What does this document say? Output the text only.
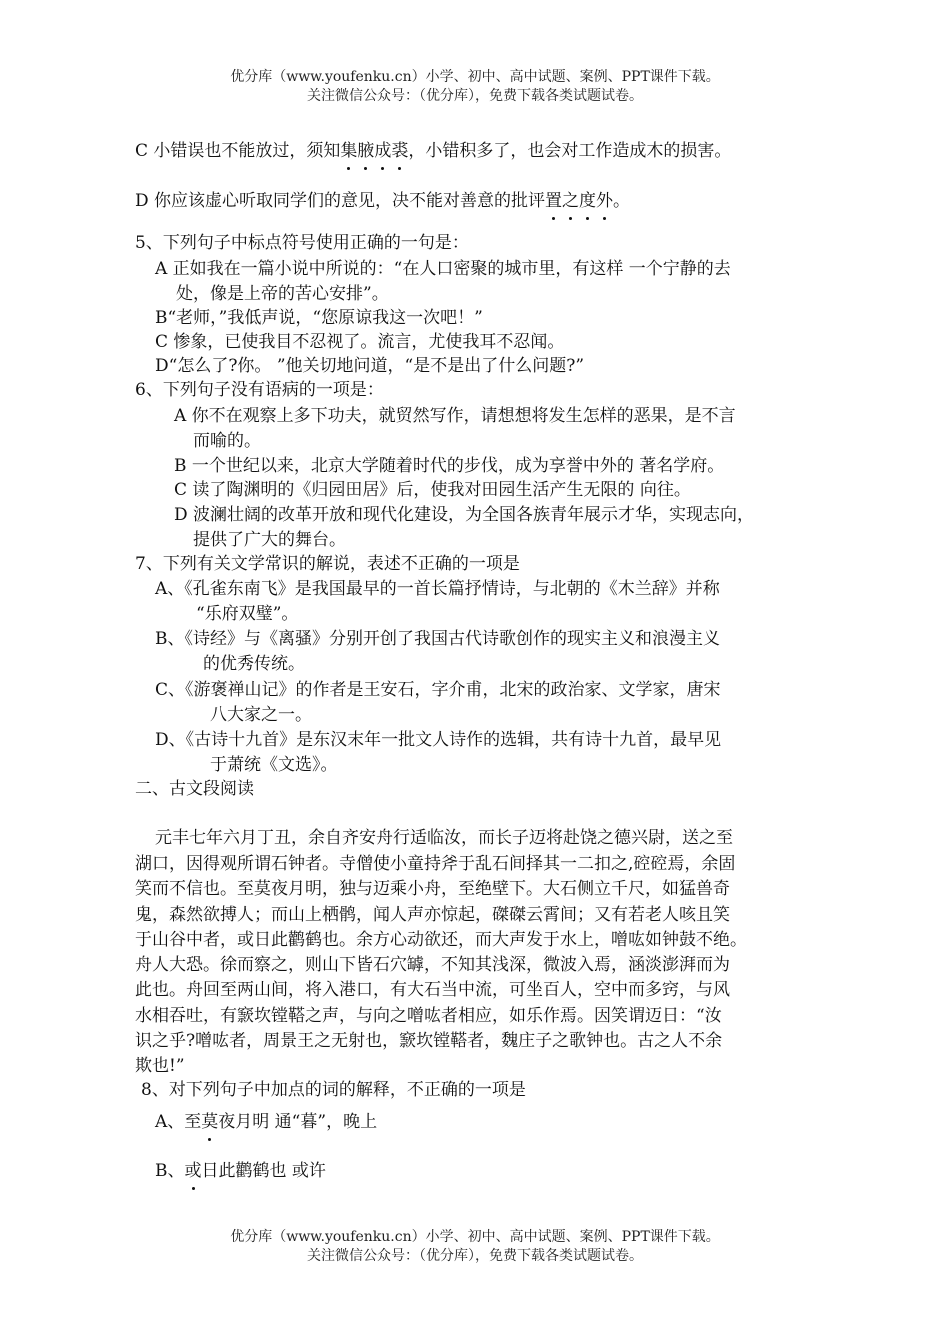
优分库（www.youfenku.cn）小学、初中、高中试题、案例、PPT课件下载。
关注微信公众号：（优分库），免费下载各类试题试卷。
C 小错误也不能放过，须知集腋成裘，小错积多了，也会对工作造成木的损害。
D 你应该虚心听取同学们的意见，决不能对善意的批评置之度外。
5、下列句子中标点符号使用正确的一句是：
A 正如我在一篇小说中所说的：“在人口密聚的城市里，有这样 一个宁静的去
处，像是上帝的苦心安排”。
B“老师，”我低声说，“您原谅我这一次吧！”
C 惨象，已使我目不忍视了。流言，尤使我耳不忍闻。
D“怎么了?你。 ”他关切地问道，“是不是出了什么问题?”
6、下列句子没有语病的一项是：
A 你不在观察上多下功夫，就贸然写作，请想想将发生怎样的恶果，是不言
而喻的。
B 一个世纪以来，北京大学随着时代的步伐，成为享誉中外的 著名学府。
C 读了陶渊明的《归园田居》后，使我对田园生活产生无限的 向往。
D 波澜壮阔的改革开放和现代化建设，为全国各族青年展示才华，实现志向，
提供了广大的舞台。
7、下列有关文学常识的解说，表述不正确的一项是
A、《孔雀东南飞》是我国最早的一首长篇抒情诗，与北朝的《木兰辞》并称
“乐府双璧”。
B、《诗经》与《离骚》分别开创了我国古代诗歌创作的现实主义和浪漫主义
的优秀传统。
C、《游褒禅山记》的作者是王安石，字介甫，北宋的政治家、文学家，唐宋
八大家之一。
D、《古诗十九首》是东汉末年一批文人诗作的选辑，共有诗十九首，最早见
于萧统《文选》。
二、古文段阅读
元丰七年六月丁丑，余自齐安舟行适临汝，而长子迈将赴饶之德兴尉，送之至
湖口，因得观所谓石钟者。寺僧使小童持斧于乱石间择其一二扣之,硿硿焉，余固
笑而不信也。至莫夜月明，独与迈乘小舟，至绝壁下。大石侧立千尺，如猛兽奇
鬼，森然欲搏人；而山上栖鹘，闻人声亦惊起，磔磔云霄间；又有若老人咳且笑
于山谷中者，或日此鹳鹤也。余方心动欲还，而大声发于水上，噌吰如钟鼓不绝。
舟人大恐。徐而察之，则山下皆石穴罅，不知其浅深，微波入焉，涵淡澎湃而为
此也。舟回至两山间，将入港口，有大石当中流，可坐百人，空中而多窍，与风
水相吞吐，有窾坎镗鞳之声，与向之噌吰者相应，如乐作焉。因笑谓迈日：“汝
识之乎?噌吰者，周景王之无射也，窾坎镗鞳者，魏庄子之歌钟也。古之人不余
欺也!”
8、对下列句子中加点的词的解释，不正确的一项是
A、至莫夜月明 通“暮”，晚上
B、或日此鹳鹤也 或许
优分库（www.youfenku.cn）小学、初中、高中试题、案例、PPT课件下载。
关注微信公众号：（优分库），免费下载各类试题试卷。
